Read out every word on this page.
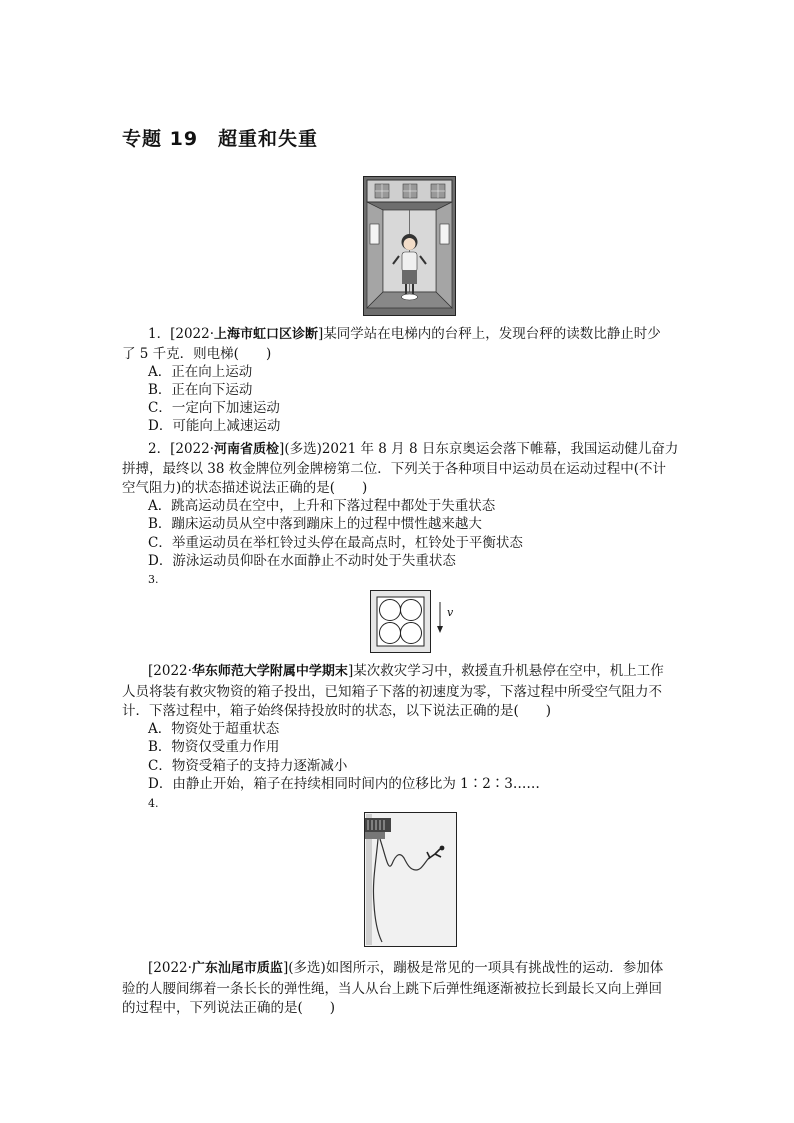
专题 19　超重和失重
1．[2022·上海市虹口区诊断]某同学站在电梯内的台秤上，发现台秤的读数比静止时少
了 5 千克．则电梯(　　)
A．正在向上运动
B．正在向下运动
C．一定向下加速运动
D．可能向上减速运动
2．[2022·河南省质检](多选)2021 年 8 月 8 日东京奥运会落下帷幕，我国运动健儿奋力
拼搏，最终以 38 枚金牌位列金牌榜第二位．下列关于各种项目中运动员在运动过程中(不计
空气阻力)的状态描述说法正确的是(　　)
A．跳高运动员在空中，上升和下落过程中都处于失重状态
B．蹦床运动员从空中落到蹦床上的过程中惯性越来越大
C．举重运动员在举杠铃过头停在最高点时，杠铃处于平衡状态
D．游泳运动员仰卧在水面静止不动时处于失重状态
3.
v
[2022·华东师范大学附属中学期末]某次救灾学习中，救援直升机悬停在空中，机上工作
人员将装有救灾物资的箱子投出，已知箱子下落的初速度为零，下落过程中所受空气阻力不
计．下落过程中，箱子始终保持投放时的状态，以下说法正确的是(　　)
A．物资处于超重状态
B．物资仅受重力作用
C．物资受箱子的支持力逐渐减小
D．由静止开始，箱子在持续相同时间内的位移比为 1∶2∶3……
4.
[2022·广东汕尾市质监](多选)如图所示，蹦极是常见的一项具有挑战性的运动．参加体
验的人腰间绑着一条长长的弹性绳，当人从台上跳下后弹性绳逐渐被拉长到最长又向上弹回
的过程中，下列说法正确的是(　　)
